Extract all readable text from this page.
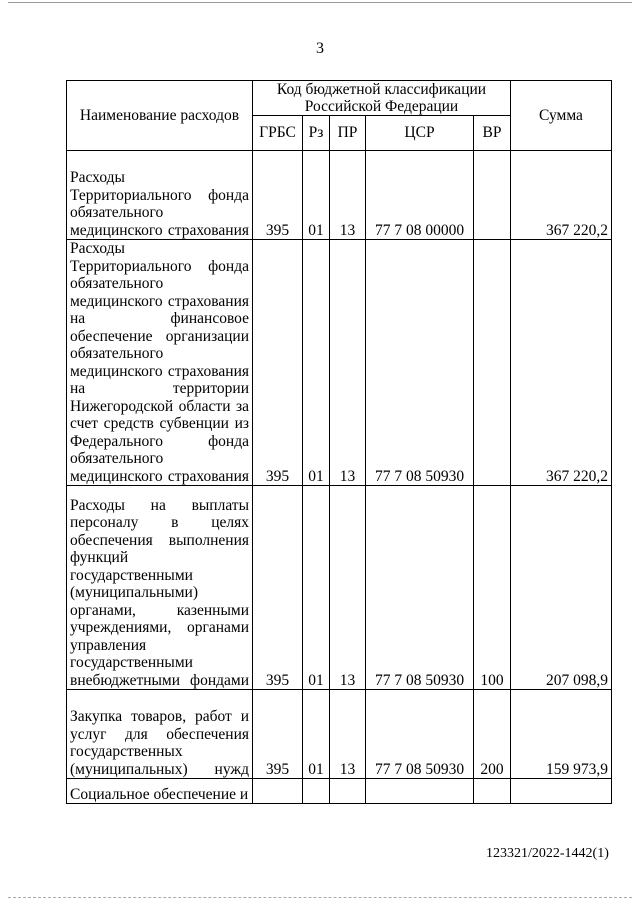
3
Наименование расходов	Код бюджетной классификации Российской Федерации					Сумма
	ГРБС	Рз	ПР	ЦСР	ВР	
Расходы Территориального фонда обязательного медицинского страхования	395	01	13	77 7 08 00000		367 220,2
Расходы Территориального фонда обязательного медицинского страхования на финансовое обеспечение организации обязательного медицинского страхования на территории Нижегородской области за счет средств субвенции из Федерального фонда обязательного медицинского страхования	395	01	13	77 7 08 50930		367 220,2
Расходы на выплаты персоналу в целях обеспечения выполнения функций государственными (муниципальными) органами, казенными учреждениями, органами управления государственными внебюджетными фондами	395	01	13	77 7 08 50930	100	207 098,9
Закупка товаров, работ и услуг для обеспечения государственных (муниципальных) нужд	395	01	13	77 7 08 50930	200	159 973,9
Социальное обеспечение и						
123321/2022-1442(1)
